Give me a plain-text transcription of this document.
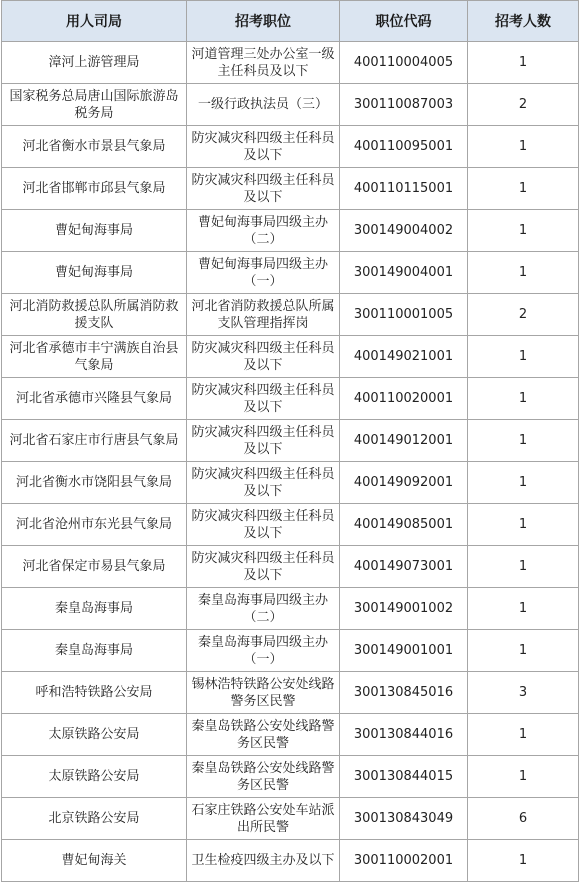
用人司局	招考职位	职位代码	招考人数
漳河上游管理局	河道管理三处办公室一级主任科员及以下	400110004005	1
国家税务总局唐山国际旅游岛税务局	一级行政执法员（三）	300110087003	2
河北省衡水市景县气象局	防灾减灾科四级主任科员及以下	400110095001	1
河北省邯郸市邱县气象局	防灾减灾科四级主任科员及以下	400110115001	1
曹妃甸海事局	曹妃甸海事局四级主办（二）	300149004002	1
曹妃甸海事局	曹妃甸海事局四级主办（一）	300149004001	1
河北消防救援总队所属消防救援支队	河北省消防救援总队所属支队管理指挥岗	300110001005	2
河北省承德市丰宁满族自治县气象局	防灾减灾科四级主任科员及以下	400149021001	1
河北省承德市兴隆县气象局	防灾减灾科四级主任科员及以下	400110020001	1
河北省石家庄市行唐县气象局	防灾减灾科四级主任科员及以下	400149012001	1
河北省衡水市饶阳县气象局	防灾减灾科四级主任科员及以下	400149092001	1
河北省沧州市东光县气象局	防灾减灾科四级主任科员及以下	400149085001	1
河北省保定市易县气象局	防灾减灾科四级主任科员及以下	400149073001	1
秦皇岛海事局	秦皇岛海事局四级主办（二）	300149001002	1
秦皇岛海事局	秦皇岛海事局四级主办（一）	300149001001	1
呼和浩特铁路公安局	锡林浩特铁路公安处线路警务区民警	300130845016	3
太原铁路公安局	秦皇岛铁路公安处线路警务区民警	300130844016	1
太原铁路公安局	秦皇岛铁路公安处线路警务区民警	300130844015	1
北京铁路公安局	石家庄铁路公安处车站派出所民警	300130843049	6
曹妃甸海关	卫生检疫四级主办及以下	300110002001	1
